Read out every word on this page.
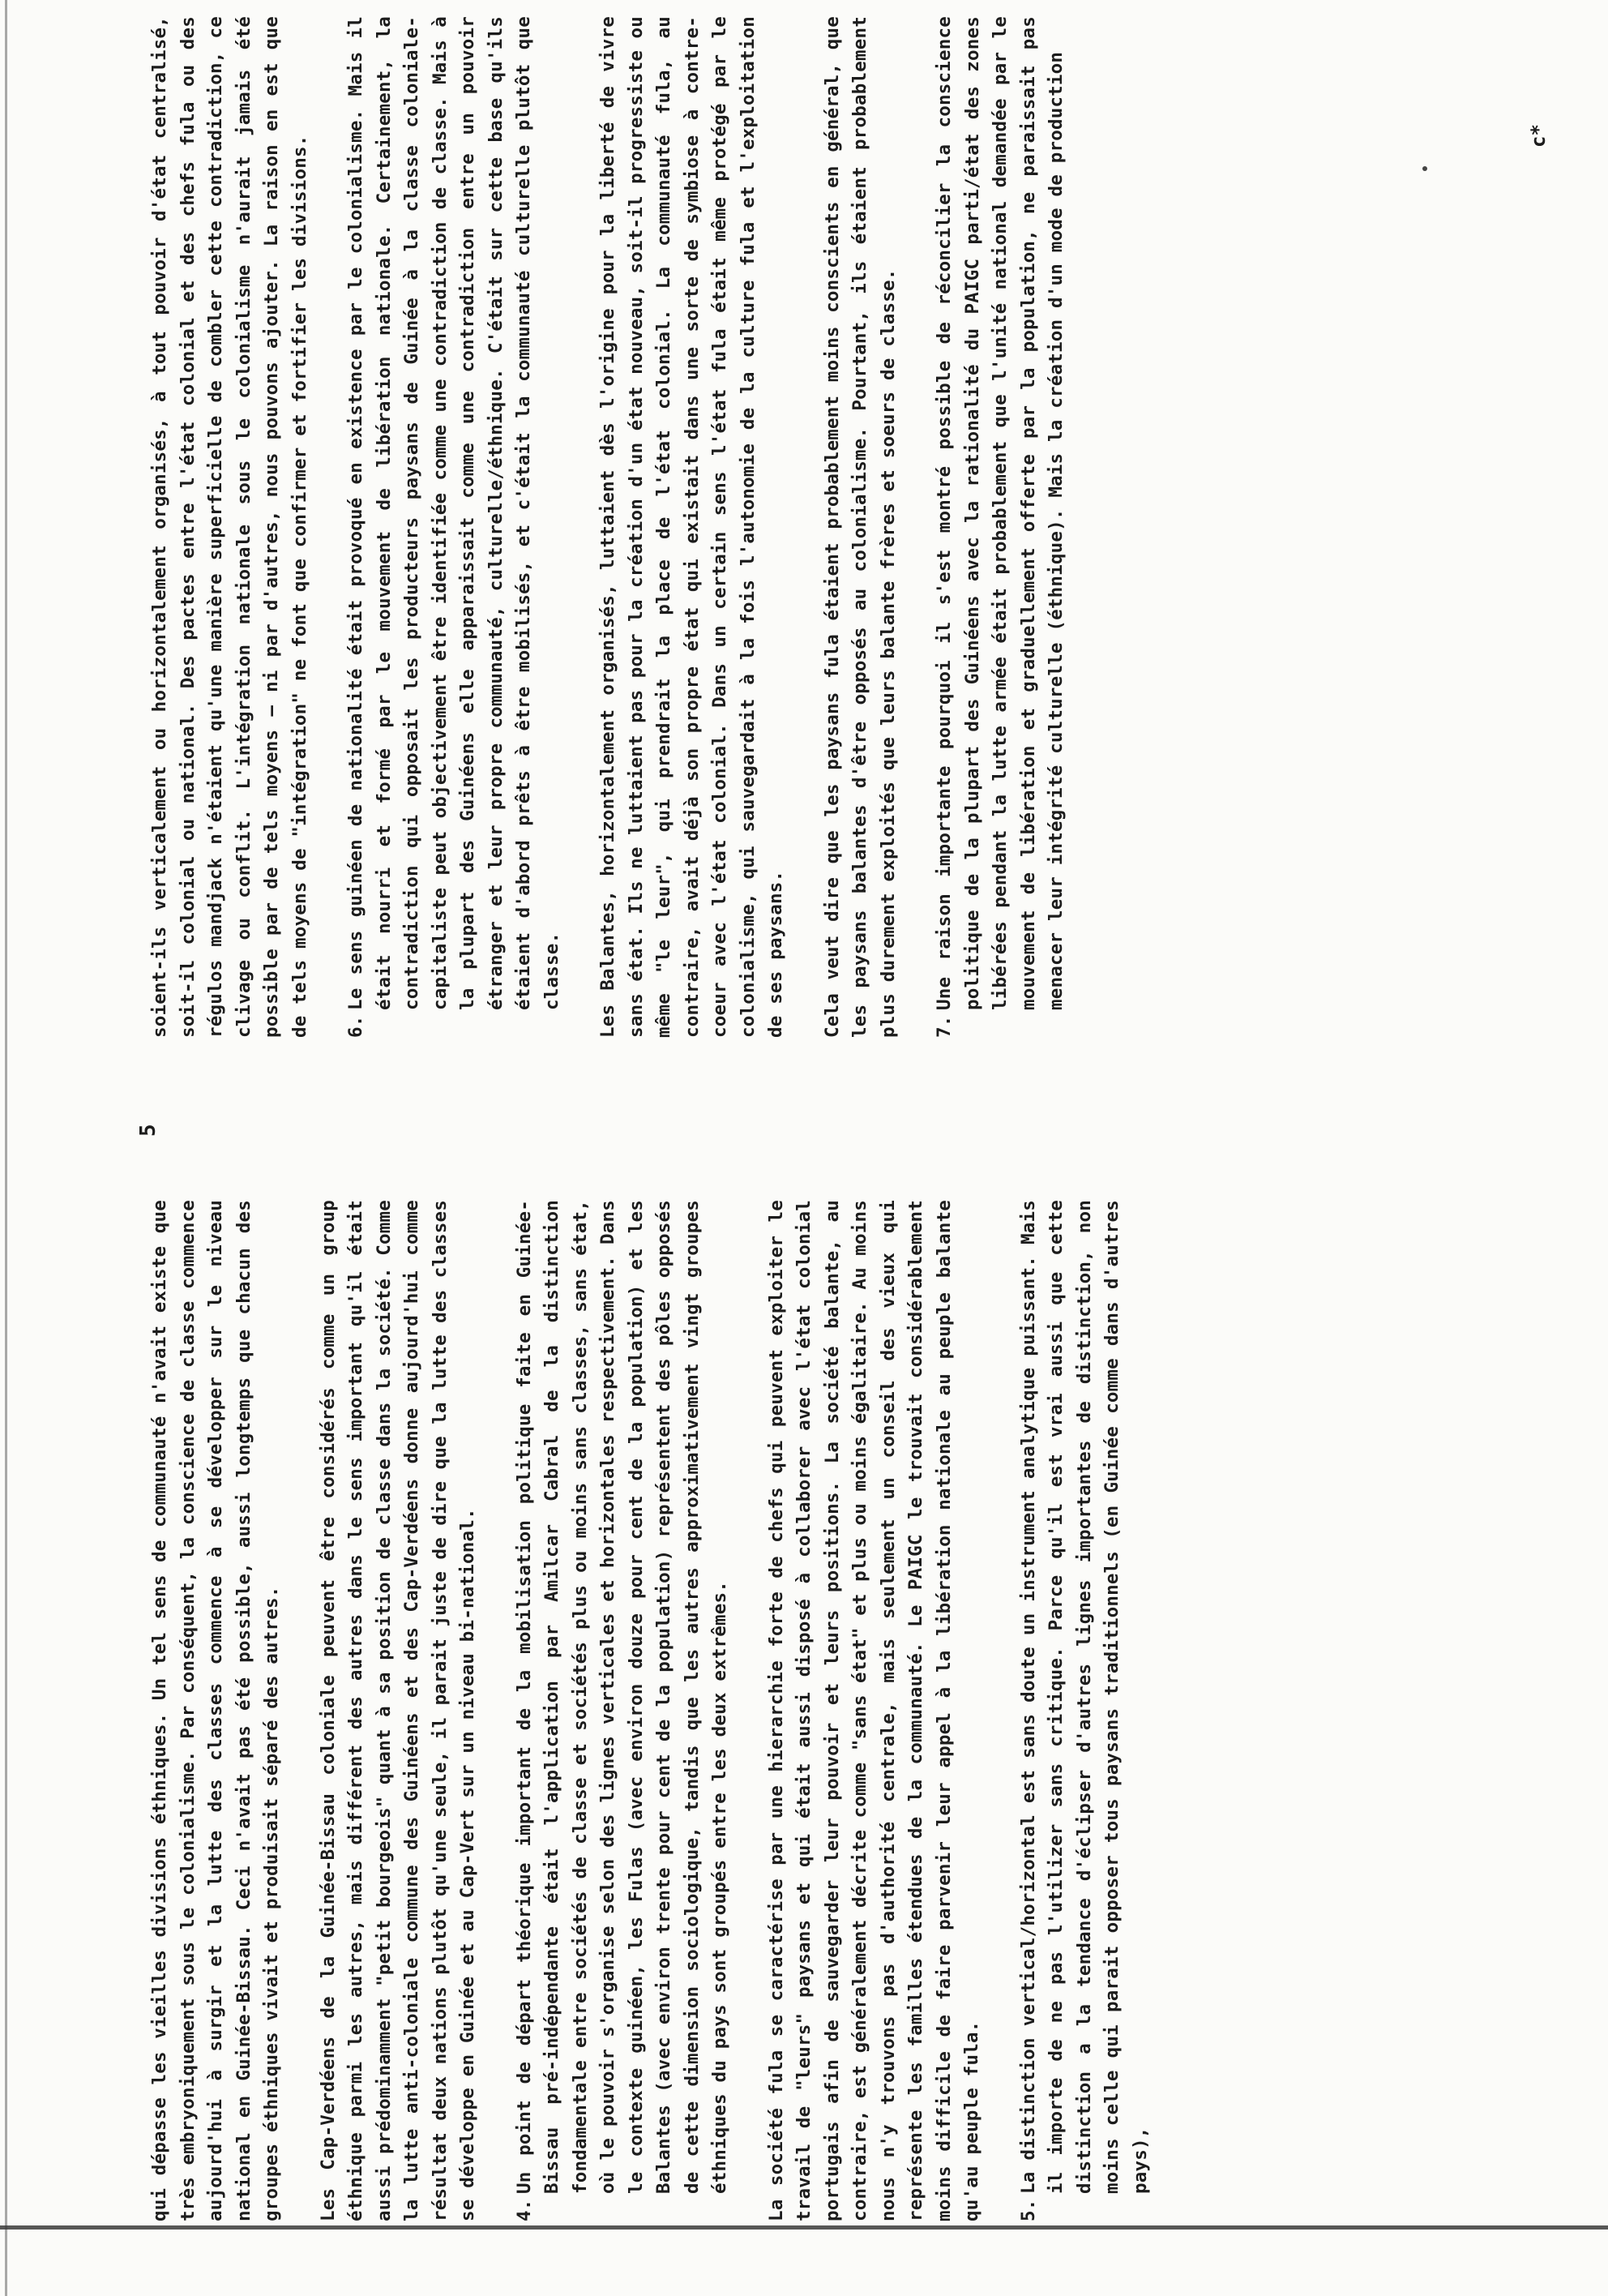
5
c*

qui dépasse les vieilles divisions éthniques. Un tel sens de communauté n'avait existe que très embryoniquement sous le colonialisme. Par conséquent, la conscience de classe commence aujourd'hui à surgir et la lutte des classes commence à se développer sur le niveau national en Guinée-Bissau. Ceci n'avait pas été possible, aussi longtemps que chacun des groupes éthniques vivait et produisait séparé des autres. Les Cap-Verdéens de la Guinée-Bissau coloniale peuvent être considérés comme un group éthnique parmi les autres, mais différent des autres dans le sens important qu'il était aussi prédominamment "petit bourgeois" quant à sa position de classe dans la société. Comme la lutte anti-coloniale commune des Guinéens et des Cap-Verdéens donne aujourd'hui comme résultat deux nations plutôt qu'une seule, il parait juste de dire que la lutte des classes se développe en Guinée et au Cap-Vert sur un niveau bi-national. 4.Un point de départ théorique important de la mobilisation politique faite en Guinée-Bissau pré-indépendante était l'application par Amilcar Cabral de la distinction fondamentale entre sociétés de classe et sociétés plus ou moins sans classes, sans état, où le pouvoir s'organise selon des lignes verticales et horizontales respectivement. Dans le contexte guinéen, les Fulas (avec environ douze pour cent de la population) et les Balantes (avec environ trente pour cent de la population) représentent des pôles opposés de cette dimension sociologique, tandis que les autres approximativement vingt groupes éthniques du pays sont groupés entre les deux extrêmes. La société fula se caractérise par une hierarchie forte de chefs qui peuvent exploiter le travail de "leurs" paysans et qui était aussi disposé à collaborer avec l'état colonial portugais afin de sauvegarder leur pouvoir et leurs positions. La société balante, au contraire, est généralement décrite comme "sans état" et plus ou moins égalitaire. Au moins nous n'y trouvons pas d'authorité centrale, mais seulement un conseil des vieux qui représente les familles étendues de la communauté. Le PAIGC le trouvait considérablement moins difficile de faire parvenir leur appel à la libération nationale au peuple balante qu'au peuple fula. 5.La distinction vertical/horizontal est sans doute un instrument analytique puissant. Mais il importe de ne pas l'utilizer sans critique. Parce qu'il est vrai aussi que cette distinction a la tendance d'éclipser d'autres lignes importantes de distinction, non moins celle qui parait opposer tous paysans traditionnels (en Guinée comme dans d'autres pays),

soient-ils verticalement ou horizontalement organisés, à tout pouvoir d'état centralisé, soit-il colonial ou national. Des pactes entre l'état colonial et des chefs fula ou des régulos mandjack n'étaient qu'une manière superficielle de combler cette contradiction, ce clivage ou conflit. L'intégration nationale sous le colonialisme n'aurait jamais été possible par de tels moyens — ni par d'autres, nous pouvons ajouter. La raison en est que de tels moyens de "intégration" ne font que confirmer et fortifier les divisions. 6.Le sens guinéen de nationalité était provoqué en existence par le colonialisme. Mais il était nourri et formé par le mouvement de libération nationale. Certainement, la contradiction qui opposait les producteurs paysans de Guinée à la classe coloniale-capitaliste peut objectivement être identifiée comme une contradiction de classe. Mais à la plupart des Guinéens elle apparaissait comme une contradiction entre un pouvoir étranger et leur propre communauté, culturelle/éthnique. C'était sur cette base qu'ils étaient d'abord prêts à être mobilisés, et c'était la communauté culturelle plutôt que classe. Les Balantes, horizontalement organisés, luttaient dès l'origine pour la liberté de vivre sans état. Ils ne luttaient pas pour la création d'un état nouveau, soit-il progressiste ou même "le leur", qui prendrait la place de l'état colonial. La communauté fula, au contraire, avait déjà son propre état qui existait dans une sorte de symbiose à contre-coeur avec l'état colonial. Dans un certain sens l'état fula était même protégé par le colonialisme, qui sauvegardait à la fois l'autonomie de la culture fula et l'exploitation de ses paysans. Cela veut dire que les paysans fula étaient probablement moins conscients en général, que les paysans balantes d'être opposés au colonialisme. Pourtant, ils étaient probablement plus durement exploités que leurs balante frères et soeurs de classe. 7.Une raison importante pourquoi il s'est montré possible de réconcilier la conscience politique de la plupart des Guinéens avec la rationalité du PAIGC parti/état des zones libérées pendant la lutte armée était probablement que l'unité national demandée par le mouvement de libération et graduellement offerte par la population, ne paraissait pas menacer leur intégrité culturelle (éthnique). Mais la création d'un mode de production
